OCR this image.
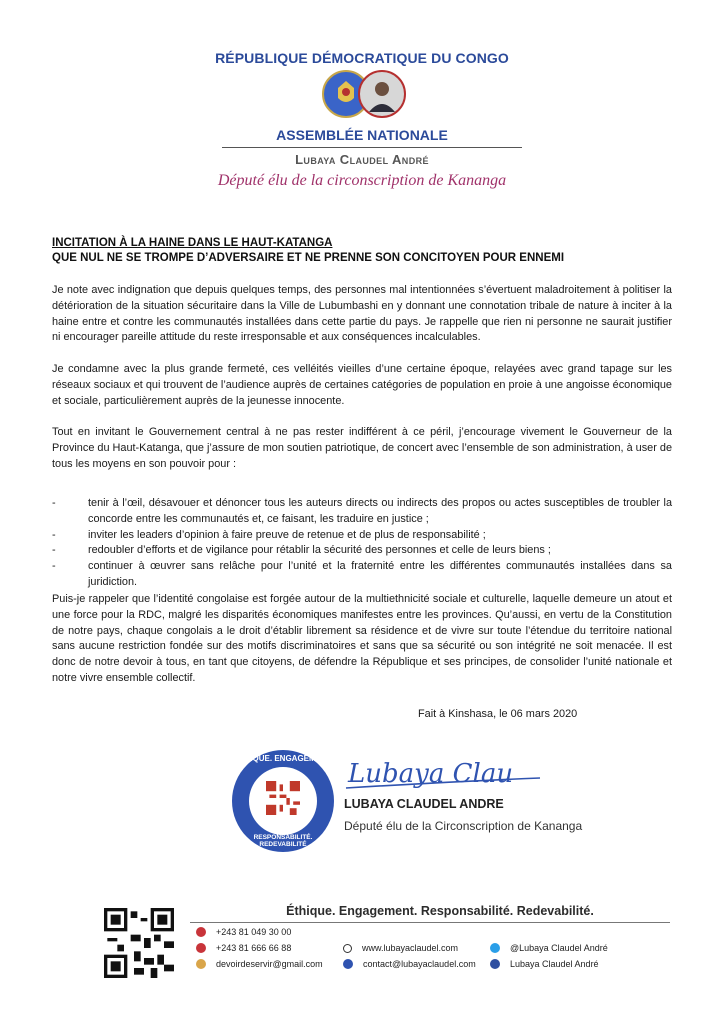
RÉPUBLIQUE DÉMOCRATIQUE DU CONGO
ASSEMBLÉE NATIONALE
Lubaya Claudel André
Député élu de la circonscription de Kananga
INCITATION À LA HAINE DANS LE HAUT-KATANGA
QUE NUL NE SE TROMPE D’ADVERSAIRE ET NE PRENNE SON CONCITOYEN POUR ENNEMI
Je note avec indignation que depuis quelques temps, des personnes mal intentionnées s’évertuent maladroitement à politiser la détérioration de la situation sécuritaire dans la Ville de Lubumbashi en y donnant une connotation tribale de nature à inciter à la haine entre et contre les communautés installées dans cette partie du pays. Je rappelle que rien ni personne ne saurait justifier ni encourager pareille attitude du reste irresponsable et aux conséquences incalculables.
Je condamne avec la plus grande fermeté, ces velléités vieilles d’une certaine époque, relayées avec grand tapage sur les réseaux sociaux et qui trouvent de l’audience auprès de certaines catégories de population en proie à une angoisse économique et sociale, particulièrement auprès de la jeunesse innocente.
Tout en invitant le Gouvernement central à ne pas rester indifférent à ce péril, j’encourage vivement le Gouverneur de la Province du Haut-Katanga, que j’assure de mon soutien patriotique, de concert avec l’ensemble de son administration, à user de tous les moyens en son pouvoir pour :
-	tenir à l’œil, désavouer et dénoncer tous les auteurs directs ou indirects des propos ou actes susceptibles de troubler la concorde entre les communautés et, ce faisant, les traduire en justice ;
-	inviter les leaders d’opinion à faire preuve de retenue et de plus de responsabilité ;
-	redoubler d’efforts et de vigilance pour rétablir la sécurité des personnes et celle de leurs biens ;
-	continuer à œuvrer sans relâche pour l’unité et la fraternité entre les différentes communautés installées dans sa juridiction.
Puis-je rappeler que l’identité congolaise est forgée autour de la multiethnicité sociale et culturelle, laquelle demeure un atout et une force pour la RDC, malgré les disparités économiques manifestes entre les provinces. Qu’aussi, en vertu de la Constitution de notre pays, chaque congolais a le droit d’établir librement sa résidence et de vivre sur toute l’étendue du territoire national sans aucune restriction fondée sur des motifs discriminatoires et sans que sa sécurité ou son intégrité ne soit menacée. Il est donc de notre devoir à tous, en tant que citoyens, de défendre la République et ses principes, de consolider l’unité nationale et notre vivre ensemble collectif.
Fait à Kinshasa, le 06 mars 2020
ÉTHIQUE. ENGAGEMENT
RESPONSABILITÉ. REDEVABILITÉ
Lubaya Clau
LUBAYA CLAUDEL ANDRE
Député élu de la Circonscription de Kananga
Éthique. Engagement. Responsabilité. Redevabilité.
+243 81 049 30 00
+243 81 666 66 88
devoirdeservir@gmail.com
www.lubayaclaudel.com
contact@lubayaclaudel.com
@Lubaya Claudel André
Lubaya Claudel André
